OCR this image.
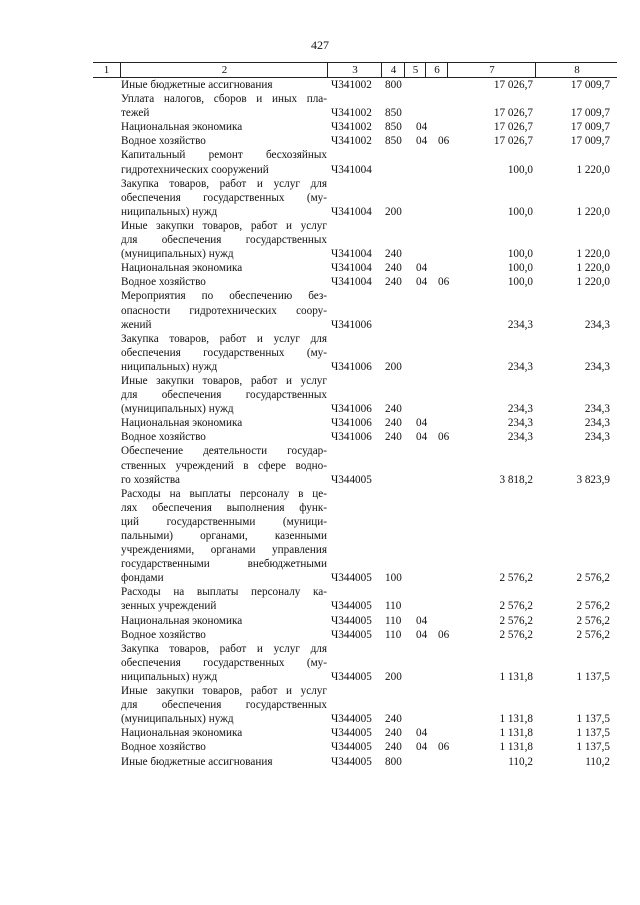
427
1	2	3	4	5	6	7	8
Иные бюджетные ассигнования	Ч341002 800	17 026,7	17 009,7
Уплата налогов, сборов и иных пла-
тежей	Ч341002 850	17 026,7	17 009,7
Национальная экономика	Ч341002 850 04	17 026,7	17 009,7
Водное хозяйство	Ч341002 850 04 06	17 026,7	17 009,7
Капитальный ремонт бесхозяйных
гидротехнических сооружений	Ч341004	100,0	1 220,0
Закупка товаров, работ и услуг для
обеспечения государственных (му-
ниципальных) нужд	Ч341004 200	100,0	1 220,0
Иные закупки товаров, работ и услуг
для обеспечения государственных
(муниципальных) нужд	Ч341004 240	100,0	1 220,0
Национальная экономика	Ч341004 240 04	100,0	1 220,0
Водное хозяйство	Ч341004 240 04 06	100,0	1 220,0
Мероприятия по обеспечению без-
опасности гидротехнических соору-
жений	Ч341006	234,3	234,3
Закупка товаров, работ и услуг для
обеспечения государственных (му-
ниципальных) нужд	Ч341006 200	234,3	234,3
Иные закупки товаров, работ и услуг
для обеспечения государственных
(муниципальных) нужд	Ч341006 240	234,3	234,3
Национальная экономика	Ч341006 240 04	234,3	234,3
Водное хозяйство	Ч341006 240 04 06	234,3	234,3
Обеспечение деятельности государ-
ственных учреждений в сфере водно-
го хозяйства	Ч344005	3 818,2	3 823,9
Расходы на выплаты персоналу в це-
лях обеспечения выполнения функ-
ций государственными (муници-
пальными) органами, казенными
учреждениями, органами управления
государственными внебюджетными
фондами	Ч344005 100	2 576,2	2 576,2
Расходы на выплаты персоналу ка-
зенных учреждений	Ч344005 110	2 576,2	2 576,2
Национальная экономика	Ч344005 110 04	2 576,2	2 576,2
Водное хозяйство	Ч344005 110 04 06	2 576,2	2 576,2
Закупка товаров, работ и услуг для
обеспечения государственных (му-
ниципальных) нужд	Ч344005 200	1 131,8	1 137,5
Иные закупки товаров, работ и услуг
для обеспечения государственных
(муниципальных) нужд	Ч344005 240	1 131,8	1 137,5
Национальная экономика	Ч344005 240 04	1 131,8	1 137,5
Водное хозяйство	Ч344005 240 04 06	1 131,8	1 137,5
Иные бюджетные ассигнования	Ч344005 800	110,2	110,2
